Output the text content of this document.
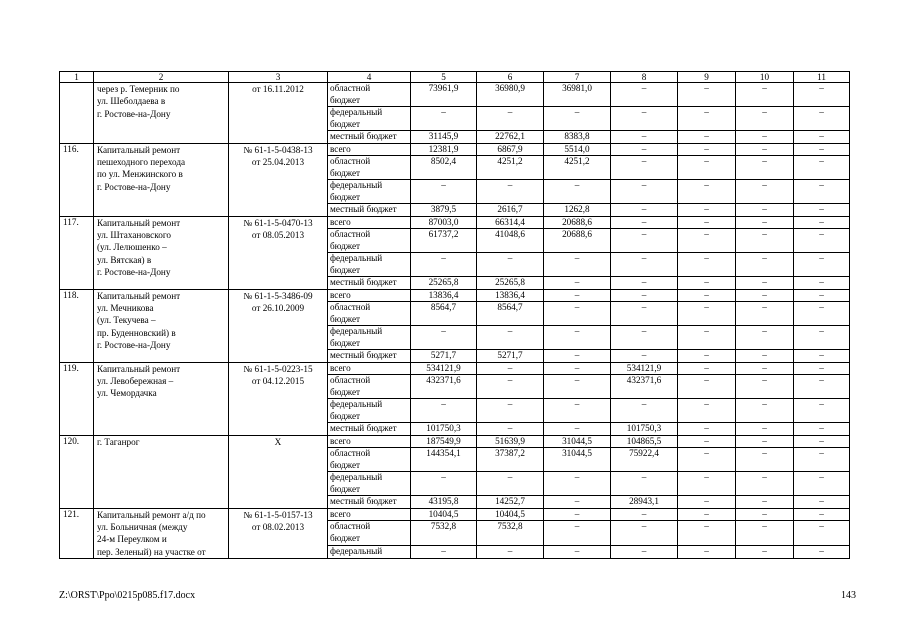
1	2	3	4	5	6	7	8	9	10	11
	через р. Темерник по
ул. Шеболдаева в
г. Ростове-на-Дону	от 16.11.2012	областной
бюджет	73961,9	36980,9	36981,0	–	–	–	–
			федеральный
бюджет	–	–	–	–	–	–	–
			местный бюджет	31145,9	22762,1	8383,8	–	–	–	–
116.	Капитальный ремонт
пешеходного перехода
по ул. Менжинского в
г. Ростове-на-Дону	№ 61-1-5-0438-13
от 25.04.2013	всего	12381,9	6867,9	5514,0	–	–	–	–
			областной
бюджет	8502,4	4251,2	4251,2	–	–	–	–
			федеральный
бюджет	–	–	–	–	–	–	–
			местный бюджет	3879,5	2616,7	1262,8	–	–	–	–
117.	Капитальный ремонт
ул. Штахановского
(ул. Лелюшенко –
ул. Вятская) в
г. Ростове-на-Дону	№ 61-1-5-0470-13
от 08.05.2013	всего	87003,0	66314,4	20688,6	–	–	–	–
			областной
бюджет	61737,2	41048,6	20688,6	–	–	–	–
			федеральный
бюджет	–	–	–	–	–	–	–
			местный бюджет	25265,8	25265,8	–	–	–	–	–
118.	Капитальный ремонт
ул. Мечникова
(ул. Текучева –
пр. Буденновский) в
г. Ростове-на-Дону	№ 61-1-5-3486-09
от 26.10.2009	всего	13836,4	13836,4	–	–	–	–	–
			областной
бюджет	8564,7	8564,7	–	–	–	–	–
			федеральный
бюджет	–	–	–	–	–	–	–
			местный бюджет	5271,7	5271,7	–	–	–	–	–
119.	Капитальный ремонт
ул. Левобережная –
ул. Чемордачка	№ 61-1-5-0223-15
от 04.12.2015	всего	534121,9	–	–	534121,9	–	–	–
			областной
бюджет	432371,6	–	–	432371,6	–	–	–
			федеральный
бюджет	–	–	–	–	–	–	–
			местный бюджет	101750,3	–	–	101750,3	–	–	–
120.	г. Таганрог	Х	всего	187549,9	51639,9	31044,5	104865,5	–	–	–
			областной
бюджет	144354,1	37387,2	31044,5	75922,4	–	–	–
			федеральный
бюджет	–	–	–	–	–	–	–
			местный бюджет	43195,8	14252,7	–	28943,1	–	–	–
121.	Капитальный ремонт а/д по
ул. Больничная (между
24-м Переулком и
пер. Зеленый) на участке от	№ 61-1-5-0157-13
от 08.02.2013	всего	10404,5	10404,5	–	–	–	–	–
			областной
бюджет	7532,8	7532,8	–	–	–	–	–
			федеральный	–	–	–	–	–	–	–
Z:\ORST\Ppo\0215p085.f17.docx	143
